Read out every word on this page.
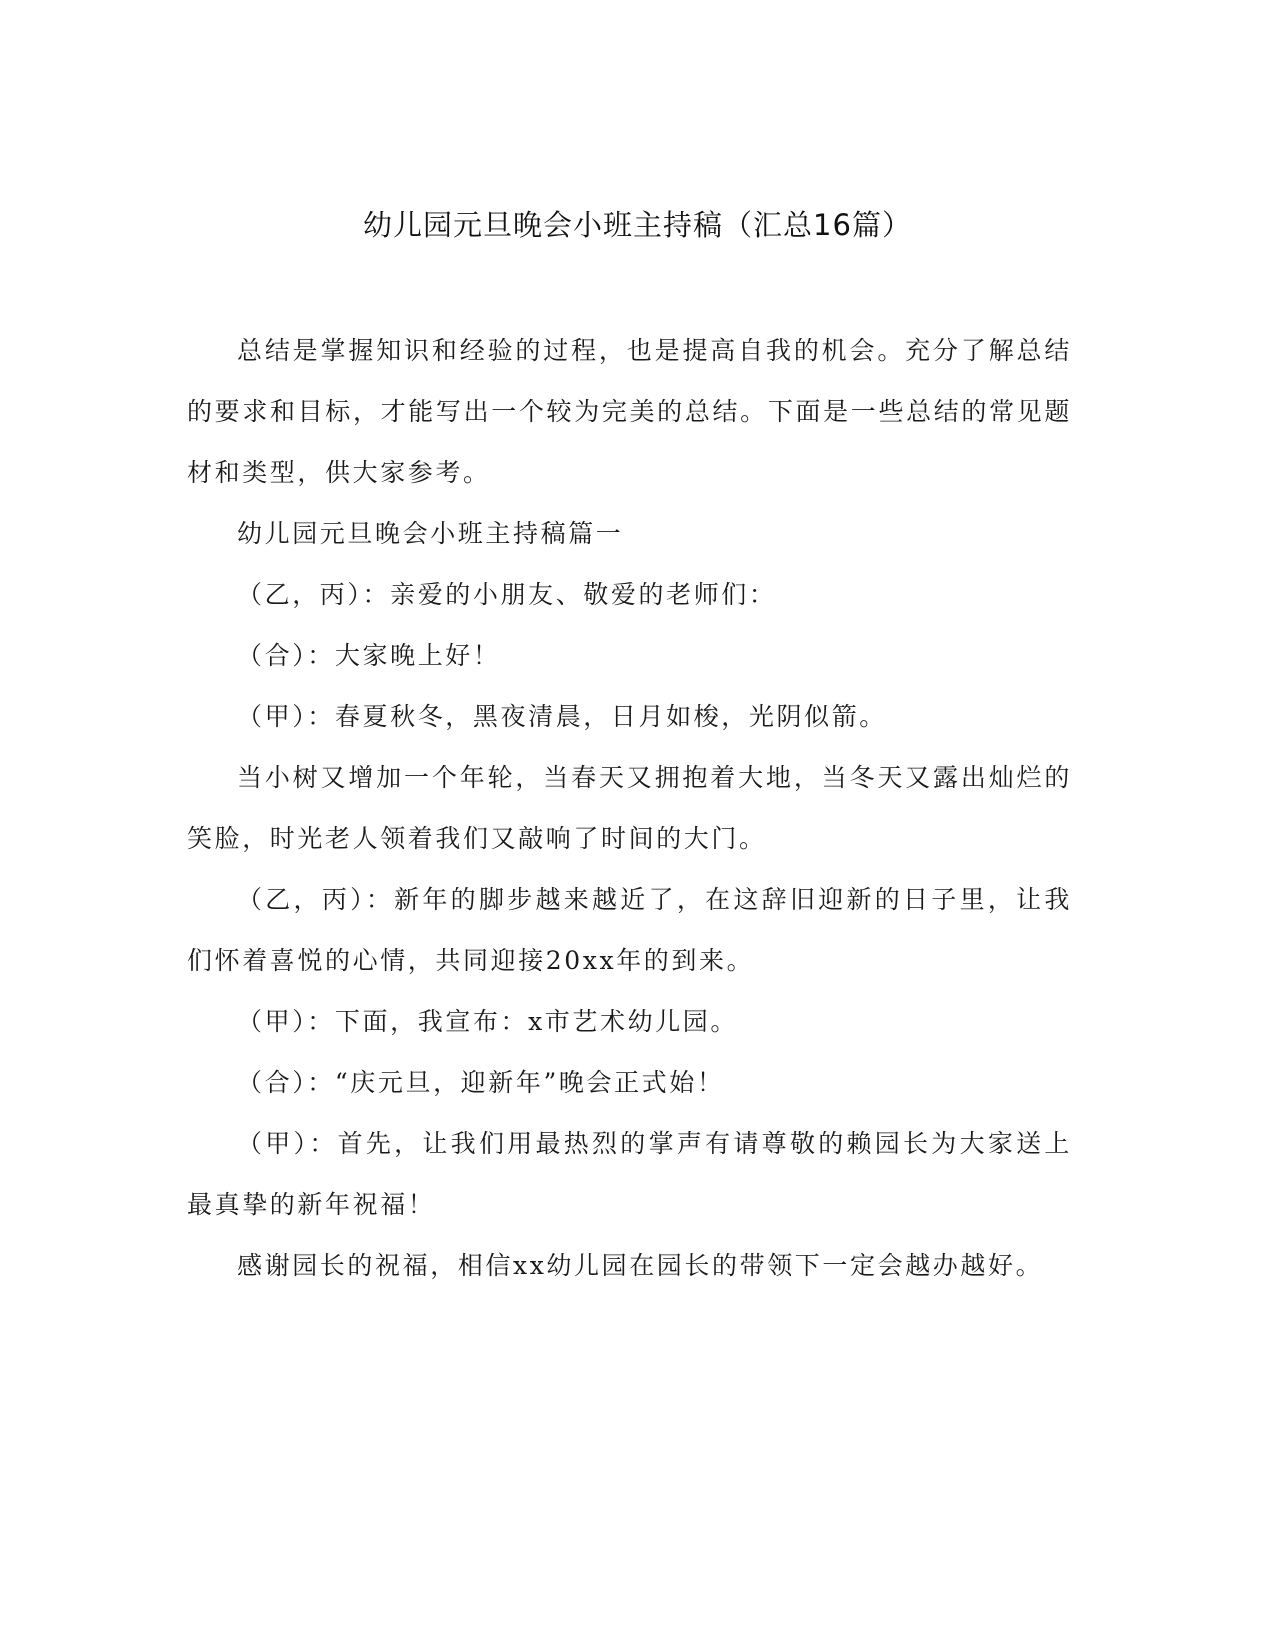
幼儿园元旦晚会小班主持稿（汇总16篇）

总结是掌握知识和经验的过程，也是提高自我的机会。充分了解总结的要求和目标，才能写出一个较为完美的总结。下面是一些总结的常见题材和类型，供大家参考。

幼儿园元旦晚会小班主持稿篇一

（乙，丙）：亲爱的小朋友、敬爱的老师们：

（合）：大家晚上好！

（甲）：春夏秋冬，黑夜清晨，日月如梭，光阴似箭。

当小树又增加一个年轮，当春天又拥抱着大地，当冬天又露出灿烂的笑脸，时光老人领着我们又敲响了时间的大门。

（乙，丙）：新年的脚步越来越近了，在这辞旧迎新的日子里，让我们怀着喜悦的心情，共同迎接20xx年的到来。

（甲）：下面，我宣布：x市艺术幼儿园。

（合）：“庆元旦，迎新年”晚会正式始！

（甲）：首先，让我们用最热烈的掌声有请尊敬的赖园长为大家送上最真挚的新年祝福！

感谢园长的祝福，相信xx幼儿园在园长的带领下一定会越办越好。
